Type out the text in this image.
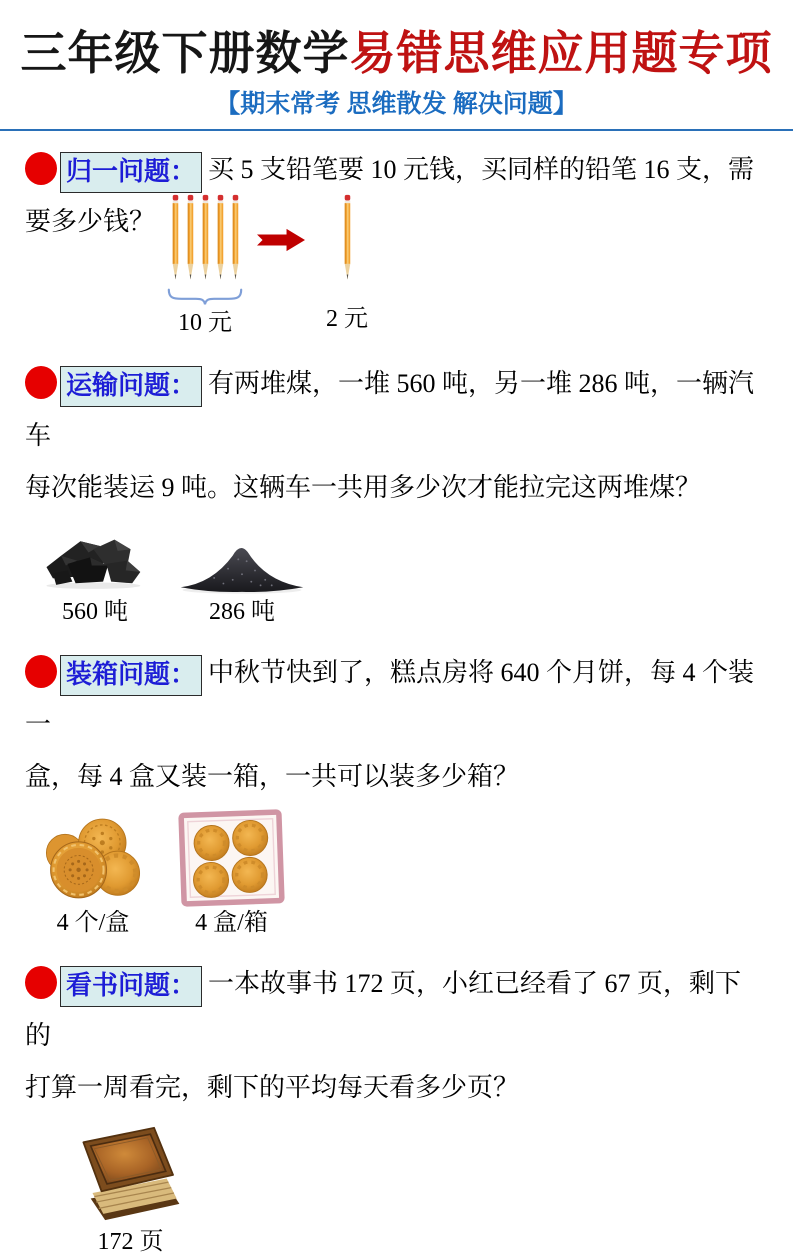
三年级下册数学易错思维应用题专项
【期末常考 思维散发 解决问题】
归一问题： 买 5 支铅笔要 10 元钱，买同样的铅笔 16 支，需
要多少钱？
10 元	2 元
运输问题： 有两堆煤，一堆 560 吨，另一堆 286 吨，一辆汽车
每次能装运 9 吨。这辆车一共用多少次才能拉完这两堆煤？
560 吨	286 吨
装箱问题： 中秋节快到了，糕点房将 640 个月饼，每 4 个装一
盒，每 4 盒又装一箱，一共可以装多少箱？
4 个/盒	4 盒/箱
看书问题： 一本故事书 172 页，小红已经看了 67 页，剩下的
打算一周看完，剩下的平均每天看多少页？
172 页
